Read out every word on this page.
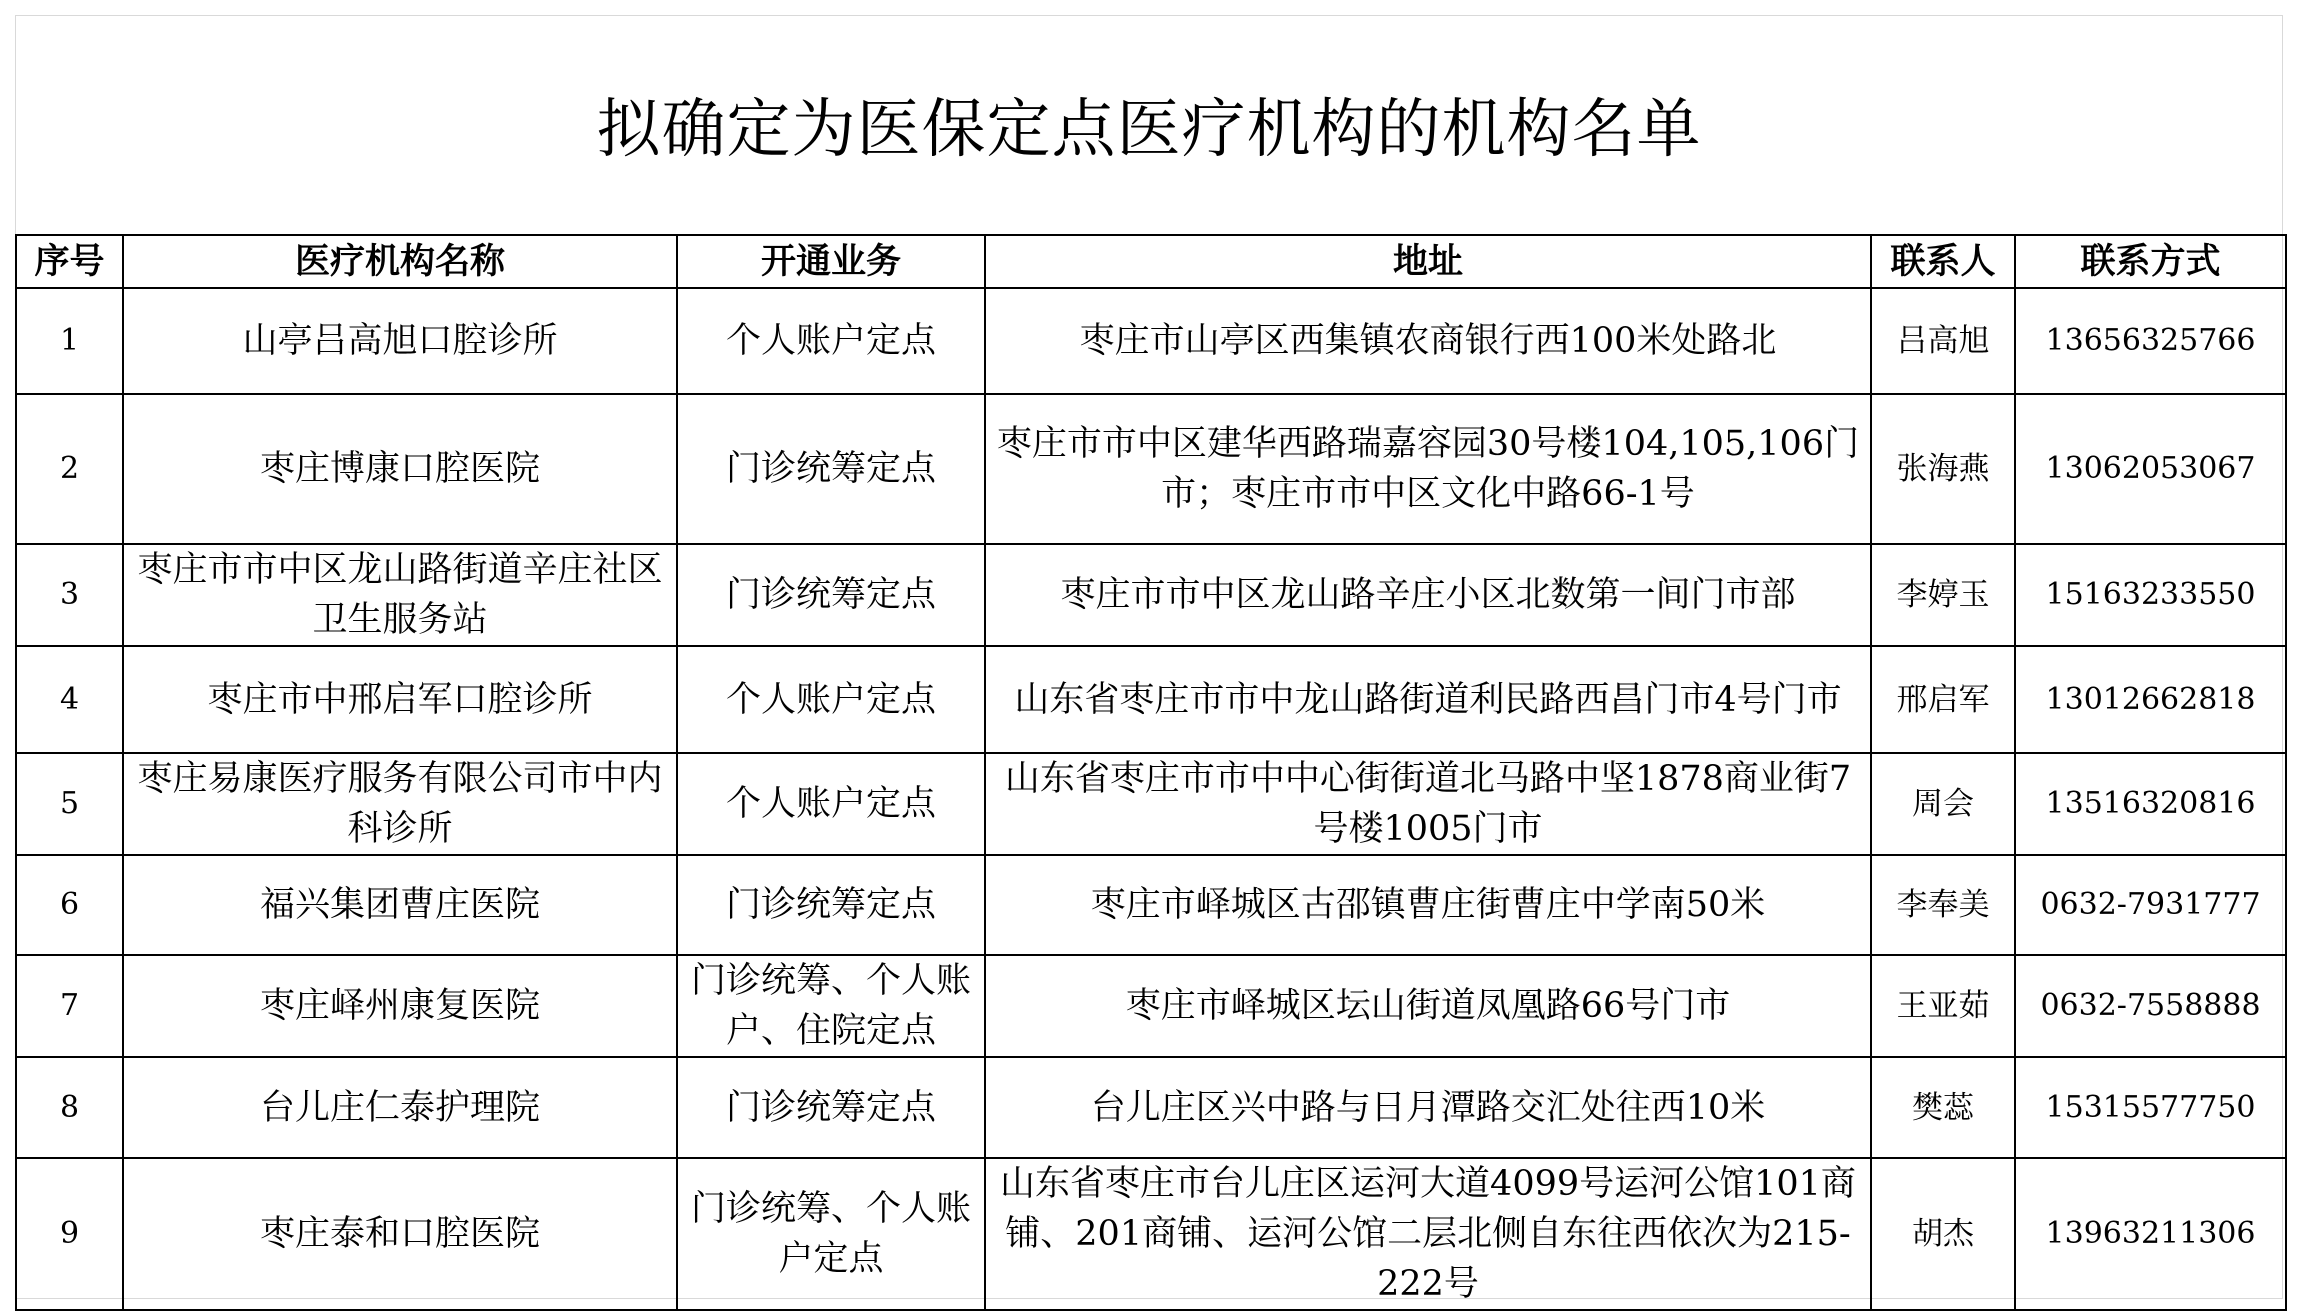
拟确定为医保定点医疗机构的机构名单
序号	医疗机构名称	开通业务	地址	联系人	联系方式
1	山亭吕高旭口腔诊所	个人账户定点	枣庄市山亭区西集镇农商银行西100米处路北	吕高旭	13656325766
2	枣庄博康口腔医院	门诊统筹定点	枣庄市市中区建华西路瑞嘉容园30号楼104,105,106门市；枣庄市市中区文化中路66-1号	张海燕	13062053067
3	枣庄市市中区龙山路街道辛庄社区卫生服务站	门诊统筹定点	枣庄市市中区龙山路辛庄小区北数第一间门市部	李婷玉	15163233550
4	枣庄市中邢启军口腔诊所	个人账户定点	山东省枣庄市市中龙山路街道利民路西昌门市4号门市	邢启军	13012662818
5	枣庄易康医疗服务有限公司市中内科诊所	个人账户定点	山东省枣庄市市中中心街街道北马路中坚1878商业街7号楼1005门市	周会	13516320816
6	福兴集团曹庄医院	门诊统筹定点	枣庄市峄城区古邵镇曹庄街曹庄中学南50米	李奉美	0632-7931777
7	枣庄峄州康复医院	门诊统筹、个人账户、住院定点	枣庄市峄城区坛山街道凤凰路66号门市	王亚茹	0632-7558888
8	台儿庄仁泰护理院	门诊统筹定点	台儿庄区兴中路与日月潭路交汇处往西10米	樊蕊	15315577750
9	枣庄泰和口腔医院	门诊统筹、个人账户定点	山东省枣庄市台儿庄区运河大道4099号运河公馆101商铺、201商铺、运河公馆二层北侧自东往西依次为215-222号	胡杰	13963211306
